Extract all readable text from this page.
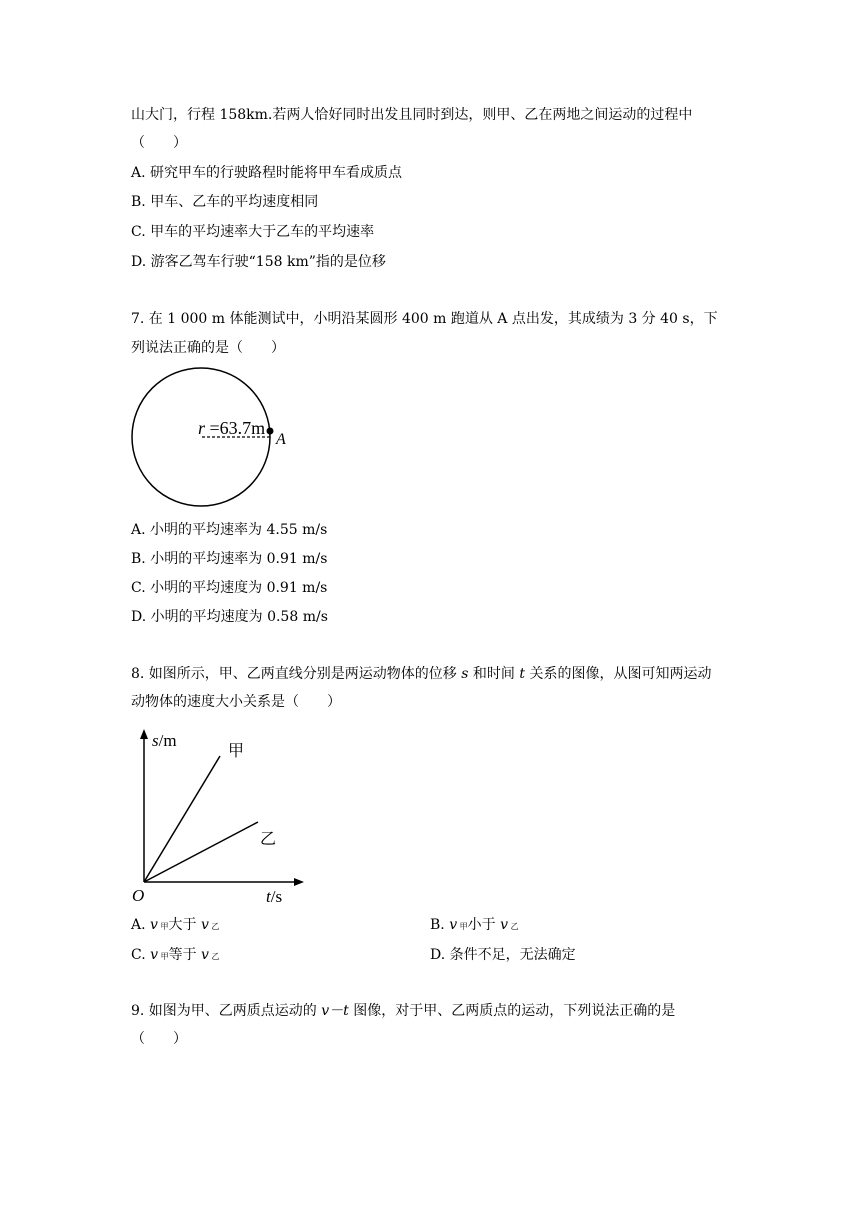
山大门，行程 158km.若两人恰好同时出发且同时到达，则甲、乙在两地之间运动的过程中
（　　）
A. 研究甲车的行驶路程时能将甲车看成质点
B. 甲车、乙车的平均速度相同
C. 甲车的平均速率大于乙车的平均速率
D. 游客乙驾车行驶“158 km”指的是位移
7. 在 1 000 m 体能测试中，小明沿某圆形 400 m 跑道从 A 点出发，其成绩为 3 分 40 s，下
列说法正确的是（　　）
r =63.7m
A
A. 小明的平均速率为 4.55 m/s
B. 小明的平均速率为 0.91 m/s
C. 小明的平均速度为 0.91 m/s
D. 小明的平均速度为 0.58 m/s
8. 如图所示，甲、乙两直线分别是两运动物体的位移 s 和时间 t 关系的图像，从图可知两运动
动物体的速度大小关系是（　　）
s/m
t/s
O
甲
乙
A. v 甲大于 v 乙	B. v 甲小于 v 乙
C. v 甲等于 v 乙	D. 条件不足，无法确定
9. 如图为甲、乙两质点运动的 v－t 图像，对于甲、乙两质点的运动，下列说法正确的是
（　　）
